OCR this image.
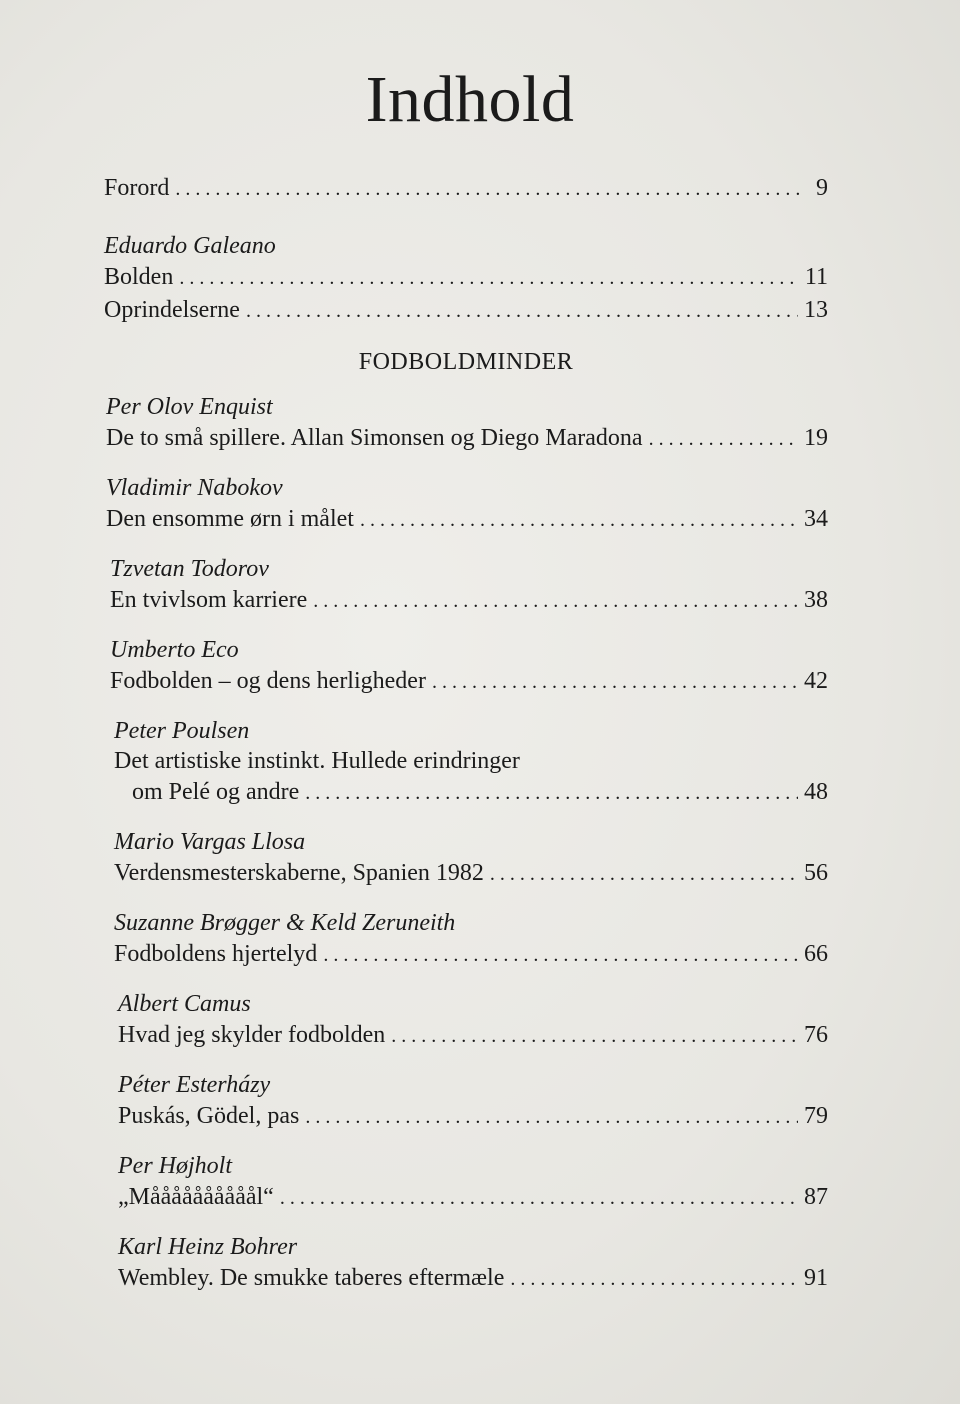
Indhold
Forord . . .	9
Eduardo Galeano
Bolden . . .	11
Oprindelserne . . .	13
FODBOLDMINDER
Per Olov Enquist
De to små spillere. Allan Simonsen og Diego Maradona . . .	19
Vladimir Nabokov
Den ensomme ørn i målet . . .	34
Tzvetan Todorov
En tvivlsom karriere . . .	38
Umberto Eco
Fodbolden – og dens herligheder . . .	42
Peter Poulsen
Det artistiske instinkt. Hullede erindringer
om Pelé og andre . . .	48
Mario Vargas Llosa
Verdensmesterskaberne, Spanien 1982 . . .	56
Suzanne Brøgger & Keld Zeruneith
Fodboldens hjertelyd . . .	66
Albert Camus
Hvad jeg skylder fodbolden . . .	76
Péter Esterházy
Puskás, Gödel, pas . . .	79
Per Højholt
„Måååååååååål“ . . .	87
Karl Heinz Bohrer
Wembley. De smukke taberes eftermæle . . .	91
